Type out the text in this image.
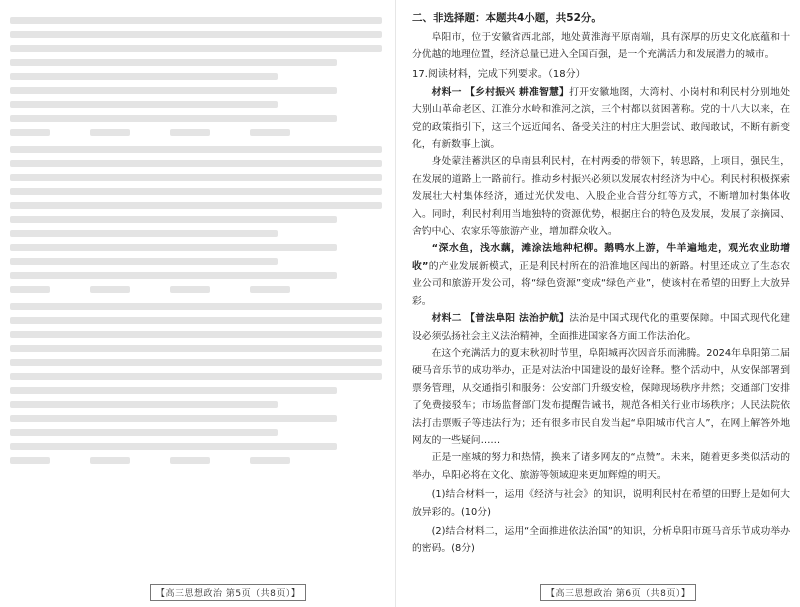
二、非选择题：本题共4小题，共52分。

阜阳市，位于安徽省西北部，地处黄淮海平原南端，具有深厚的历史文化底蕴和十分优越的地理位置，经济总量已进入全国百强，是一个充满活力和发展潜力的城市。

17.阅读材料，完成下列要求。（18分）

材料一 【乡村振兴 耕准智慧】打开安徽地图，大湾村、小岗村和利民村分别地处大别山革命老区、江淮分水岭和淮河之滨，三个村都以贫困著称。党的十八大以来，在党的政策指引下，这三个远近闻名、备受关注的村庄大胆尝试、敢闯敢试，不断有新变化，有新数事上演。

身处蒙洼蓄洪区的阜南县利民村，在村两委的带领下，转思路，上项目，强民生，在发展的道路上一路前行。推动乡村振兴必须以发展农村经济为中心。利民村积极探索发展壮大村集体经济，通过光伏发电、入股企业合营分红等方式，不断增加村集体收入。同时，利民村利用当地独特的资源优势，根据庄台的特色及发展，发展了亲摘园、舍钓中心、农家乐等旅游产业，增加群众收入。

“深水鱼，浅水藕，滩涂法地种杞柳。鹅鸭水上游，牛羊遍地走，观光农业助增收”的产业发展新模式，正是利民村所在的沿淮地区闯出的新路。村里还成立了生态农业公司和旅游开发公司，将“绿色资源”变成“绿色产业”，使该村在希望的田野上大放异彩。

材料二 【普法阜阳 法治护航】法治是中国式现代化的重要保障。中国式现代化建设必须弘扬社会主义法治精神，全面推进国家各方面工作法治化。

在这个充满活力的夏末秋初时节里，阜阳城再次因音乐而沸腾。2024年阜阳第二届硬马音乐节的成功举办，正是对法治中国建设的最好诠释。整个活动中，从安保部署到票务管理，从交通指引和服务：公安部门升级安检，保障现场秩序井然；交通部门安排了免费接驳车；市场监督部门发布提醒告诫书，规范各相关行业市场秩序；人民法院依法打击票贩子等违法行为；还有很多市民自发当起“阜阳城市代言人”，在网上解答外地网友的一些疑问……

正是一座城的努力和热情，换来了诸多网友的“点赞”。未来，随着更多类似活动的举办，阜阳必将在文化、旅游等领域迎来更加辉煌的明天。

(1)结合材料一，运用《经济与社会》的知识，说明利民村在希望的田野上是如何大放异彩的。(10分)

(2)结合材料二，运用“全面推进依法治国”的知识，分析阜阳市斑马音乐节成功举办的密码。(8分)

【高三思想政治 第5页（共8页）】	【高三思想政治 第6页（共8页）】
